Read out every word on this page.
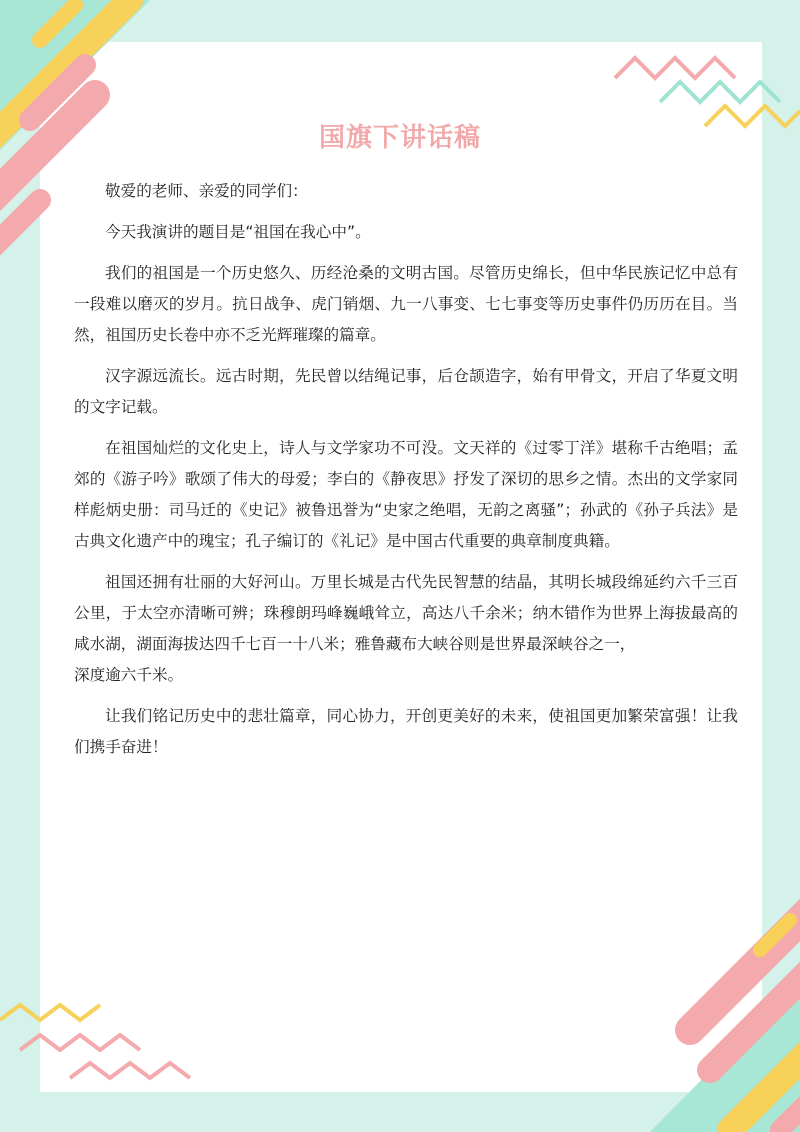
国旗下讲话稿

敬爱的老师、亲爱的同学们：

今天我演讲的题目是“祖国在我心中”。

我们的祖国是一个历史悠久、历经沧桑的文明古国。尽管历史绵长，但中华民族记忆中总有一段难以磨灭的岁月。抗日战争、虎门销烟、九一八事变、七七事变等历史事件仍历历在目。当然，祖国历史长卷中亦不乏光辉璀璨的篇章。

汉字源远流长。远古时期，先民曾以结绳记事，后仓颉造字，始有甲骨文，开启了华夏文明的文字记载。

在祖国灿烂的文化史上，诗人与文学家功不可没。文天祥的《过零丁洋》堪称千古绝唱；孟郊的《游子吟》歌颂了伟大的母爱；李白的《静夜思》抒发了深切的思乡之情。杰出的文学家同样彪炳史册：司马迁的《史记》被鲁迅誉为“史家之绝唱，无韵之离骚”；孙武的《孙子兵法》是古典文化遗产中的瑰宝；孔子编订的《礼记》是中国古代重要的典章制度典籍。

祖国还拥有壮丽的大好河山。万里长城是古代先民智慧的结晶，其明长城段绵延约六千三百公里，于太空亦清晰可辨；珠穆朗玛峰巍峨耸立，高达八千余米；纳木错作为世界上海拔最高的咸水湖，湖面海拔达四千七百一十八米；雅鲁藏布大峡谷则是世界最深峡谷之一，

深度逾六千米。

让我们铭记历史中的悲壮篇章，同心协力，开创更美好的未来，使祖国更加繁荣富强！让我们携手奋进！
